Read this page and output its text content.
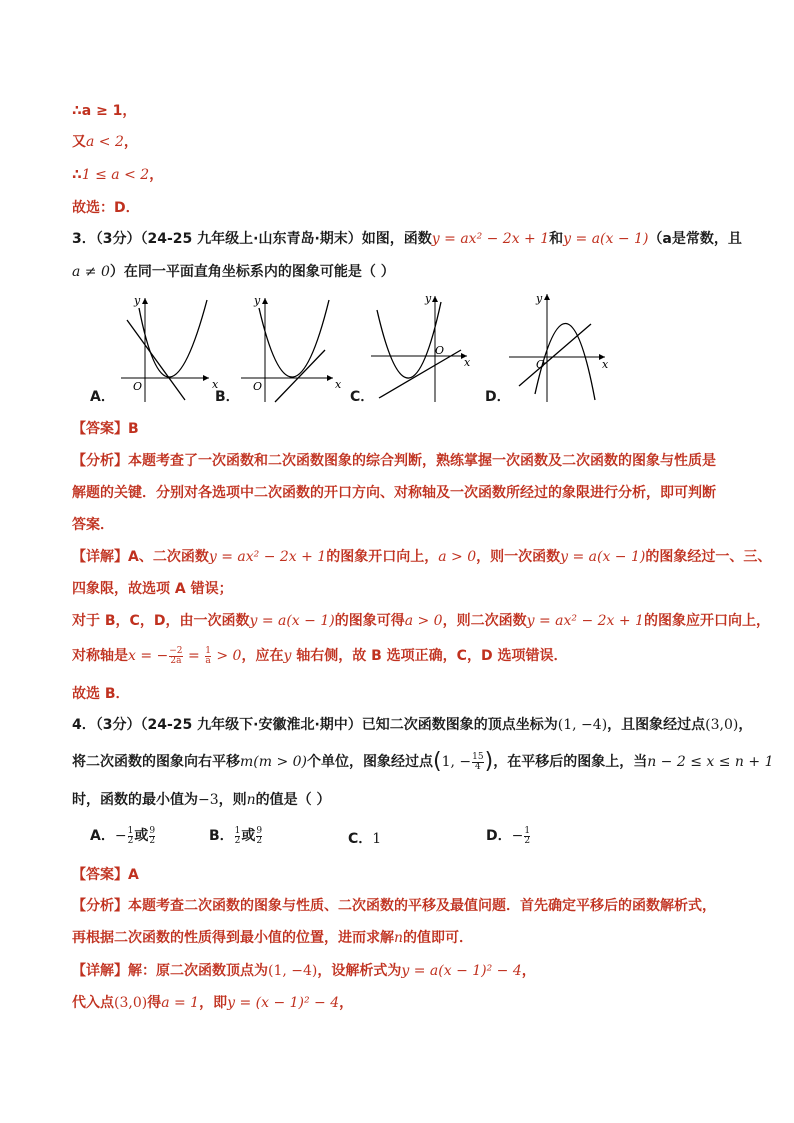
∴a ≥ 1，
又a < 2，
∴1 ≤ a < 2，
故选：D．
3．（3分）（24-25 九年级上·山东青岛·期末）如图，函数y = ax² − 2x + 1和y = a(x − 1)（a是常数，且
a ≠ 0）在同一平面直角坐标系内的图象可能是（ ）
A．
y
x
O
B．
y
x
O
C．
y
x
O
D．
y
x
O
【答案】B
【分析】本题考查了一次函数和二次函数图象的综合判断，熟练掌握一次函数及二次函数的图象与性质是
解题的关键．分别对各选项中二次函数的开口方向、对称轴及一次函数所经过的象限进行分析，即可判断
答案．
【详解】A、二次函数y = ax² − 2x + 1的图象开口向上，a > 0，则一次函数y = a(x − 1)的图象经过一、三、
四象限，故选项 A 错误；
对于 B，C，D，由一次函数y = a(x − 1)的图象可得a > 0，则二次函数y = ax² − 2x + 1的图象应开口向上，
对称轴是x = − $\frac{-2}{2a} = \frac{1}{a} > 0$，应在y 轴右侧，故 B 选项正确，C，D 选项错误．
故选 B．
4．（3分）（24-25 九年级下·安徽淮北·期中）已知二次函数图象的顶点坐标为(1, −4)，且图象经过点(3,0)，
将二次函数的图象向右平移m(m > 0)个单位，图象经过点(1, − $\frac{15}{4}$ )，在平移后的图象上，当n − 2 ≤ x ≤ n + 1
时，函数的最小值为−3，则n的值是（ ）
A．− $\frac{1}{2}$ 或 $\frac{9}{2}$	B． $\frac{1}{2}$ 或 $\frac{9}{2}$	C．1	D．− $\frac{1}{2}$
【答案】A
【分析】本题考查二次函数的图象与性质、二次函数的平移及最值问题．首先确定平移后的函数解析式，
再根据二次函数的性质得到最小值的位置，进而求解n的值即可．
【详解】解：原二次函数顶点为(1, −4)，设解析式为y = a(x − 1)² − 4，
代入点(3,0)得a = 1，即y = (x − 1)² − 4，
